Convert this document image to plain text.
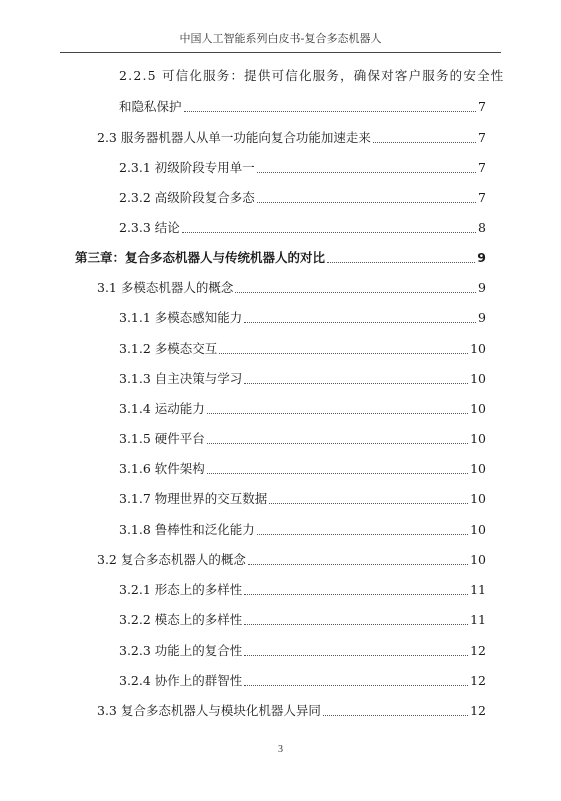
中国人工智能系列白皮书-复合多态机器人
2.2.5 可信化服务：提供可信化服务，确保对客户服务的安全性
和隐私保护	7
2.3 服务器机器人从单一功能向复合功能加速走来	7
2.3.1 初级阶段专用单一	7
2.3.2 高级阶段复合多态	7
2.3.3 结论	8
第三章：复合多态机器人与传统机器人的对比	9
3.1 多模态机器人的概念	9
3.1.1 多模态感知能力	9
3.1.2 多模态交互	10
3.1.3 自主决策与学习	10
3.1.4 运动能力	10
3.1.5 硬件平台	10
3.1.6 软件架构	10
3.1.7 物理世界的交互数据	10
3.1.8 鲁棒性和泛化能力	10
3.2 复合多态机器人的概念	10
3.2.1 形态上的多样性	11
3.2.2 模态上的多样性	11
3.2.3 功能上的复合性	12
3.2.4 协作上的群智性	12
3.3 复合多态机器人与模块化机器人异同	12
3
